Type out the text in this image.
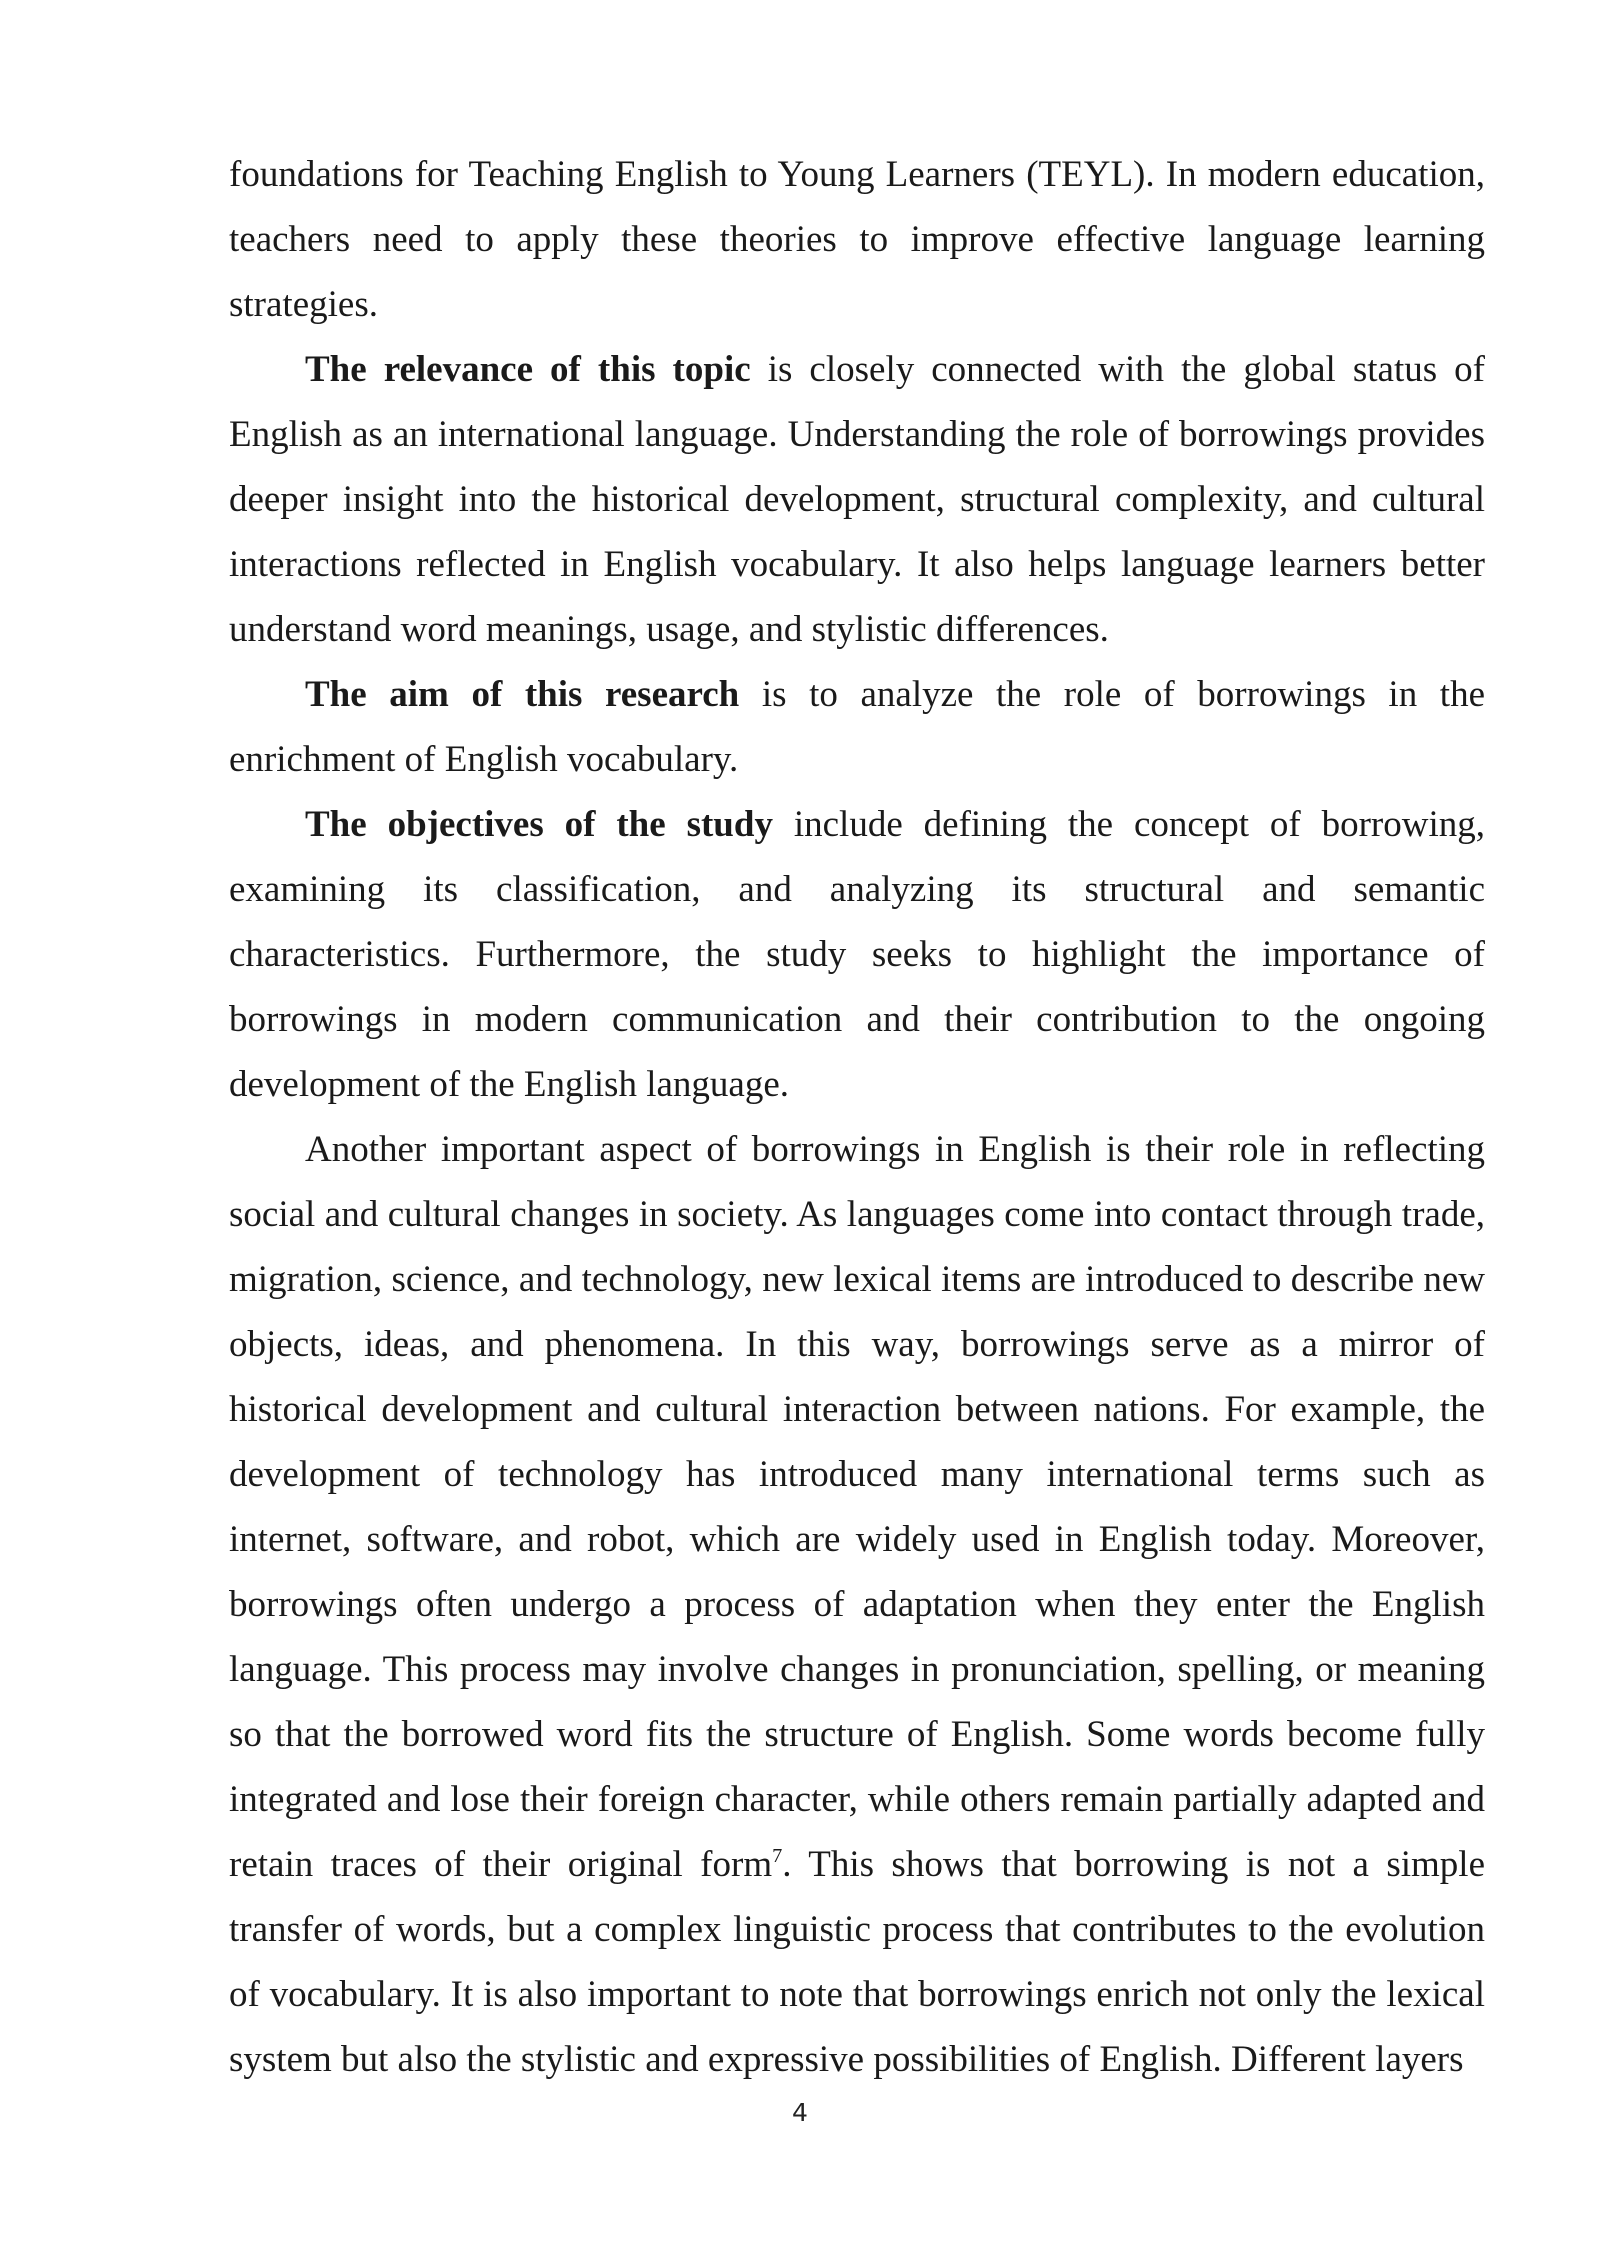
foundations for Teaching English to Young Learners (TEYL). In modern education, teachers need to apply these theories to improve effective language learning strategies.

The relevance of this topic is closely connected with the global status of English as an international language. Understanding the role of borrowings provides deeper insight into the historical development, structural complexity, and cultural interactions reflected in English vocabulary. It also helps language learners better understand word meanings, usage, and stylistic differences.

The aim of this research is to analyze the role of borrowings in the enrichment of English vocabulary.

The objectives of the study include defining the concept of borrowing, examining its classification, and analyzing its structural and semantic characteristics. Furthermore, the study seeks to highlight the importance of borrowings in modern communication and their contribution to the ongoing development of the English language.

Another important aspect of borrowings in English is their role in reflecting social and cultural changes in society. As languages come into contact through trade, migration, science, and technology, new lexical items are introduced to describe new objects, ideas, and phenomena. In this way, borrowings serve as a mirror of historical development and cultural interaction between nations. For example, the development of technology has introduced many international terms such as internet, software, and robot, which are widely used in English today. Moreover, borrowings often undergo a process of adaptation when they enter the English language. This process may involve changes in pronunciation, spelling, or meaning so that the borrowed word fits the structure of English. Some words become fully integrated and lose their foreign character, while others remain partially adapted and retain traces of their original form$^7$. This shows that borrowing is not a simple transfer of words, but a complex linguistic process that contributes to the evolution of vocabulary. It is also important to note that borrowings enrich not only the lexical system but also the stylistic and expressive possibilities of English. Different layers

4
